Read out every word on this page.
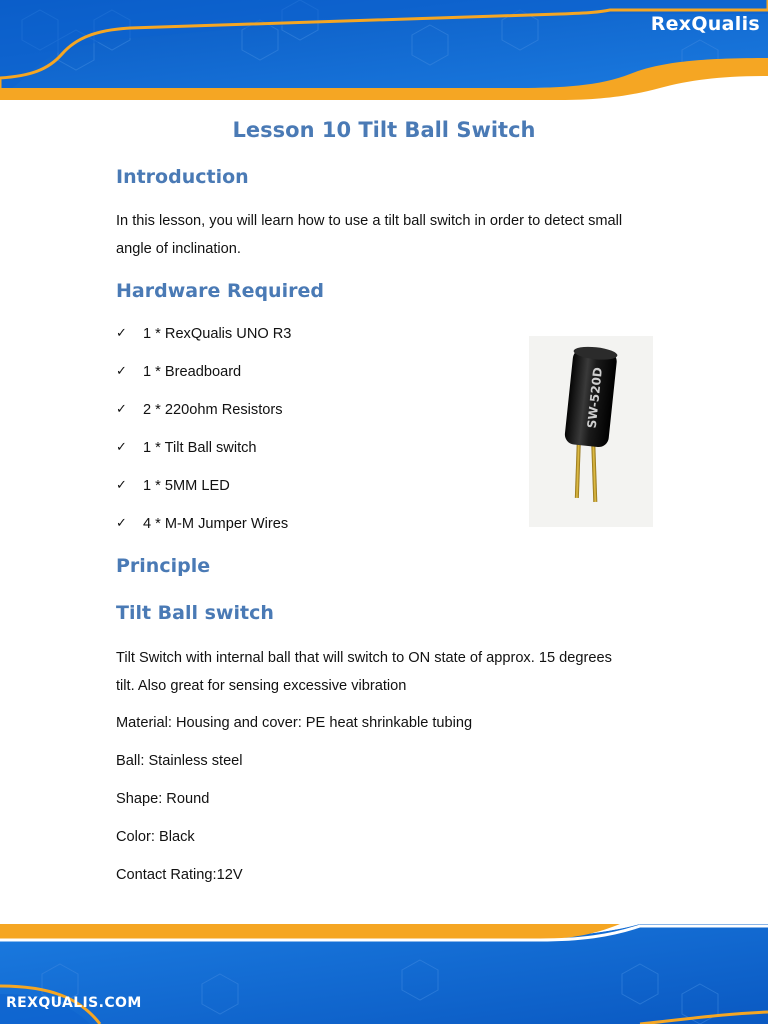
RexQualis
Lesson 10 Tilt Ball Switch
Introduction
In this lesson, you will learn how to use a tilt ball switch in order to detect small
angle of inclination.
Hardware Required
✓	1 * RexQualis UNO R3
✓	1 * Breadboard
✓	2 * 220ohm Resistors
✓	1 * Tilt Ball switch
✓	1 * 5MM LED
✓	4 * M-M Jumper Wires
SW-520D
Principle
Tilt Ball switch
Tilt Switch with internal ball that will switch to ON state of approx. 15 degrees
tilt. Also great for sensing excessive vibration
Material: Housing and cover: PE heat shrinkable tubing
Ball: Stainless steel
Shape: Round
Color: Black
Contact Rating:12V
REXQUALIS.COM
